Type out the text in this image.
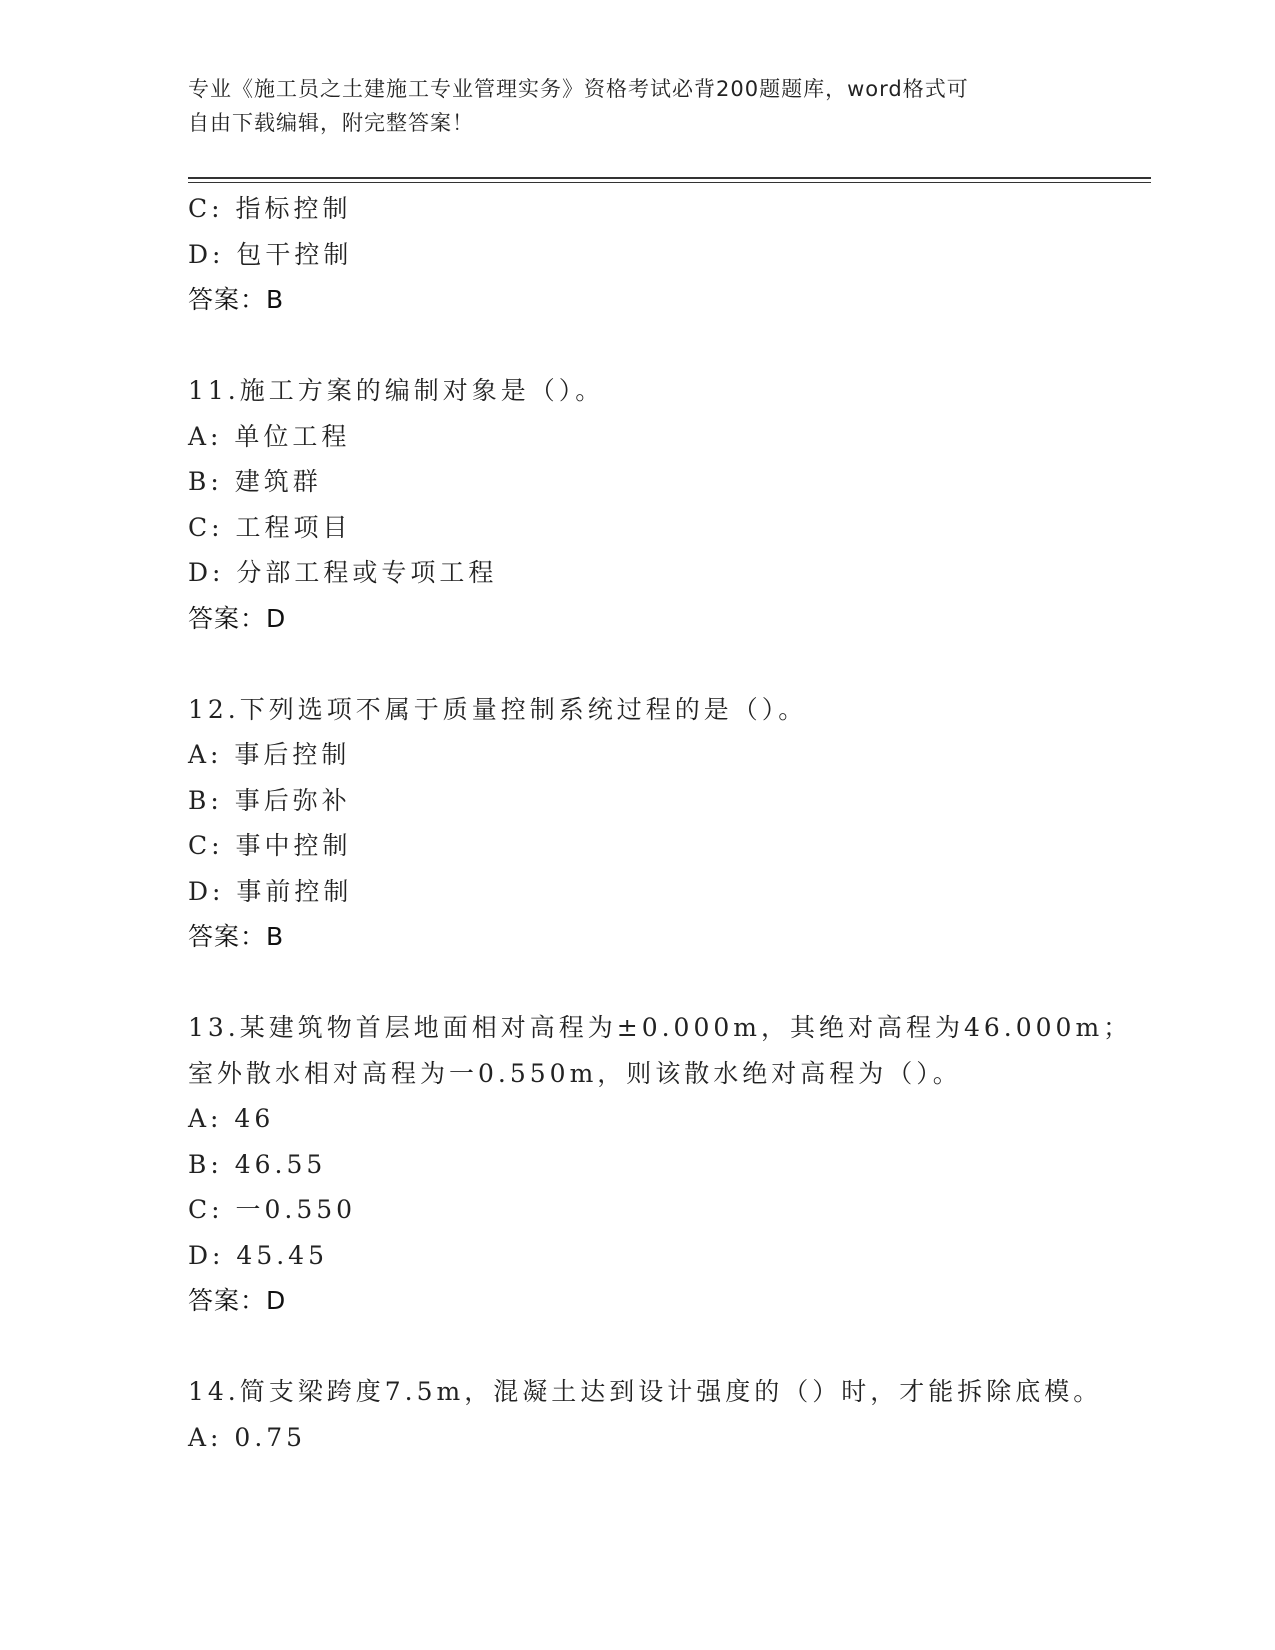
专业《施工员之土建施工专业管理实务》资格考试必背200题题库，word格式可
自由下载编辑，附完整答案！
C: 指标控制
D: 包干控制
答案：B
11.施工方案的编制对象是（）。
A: 单位工程
B: 建筑群
C: 工程项目
D: 分部工程或专项工程
答案：D
12.下列选项不属于质量控制系统过程的是（）。
A: 事后控制
B: 事后弥补
C: 事中控制
D: 事前控制
答案：B
13.某建筑物首层地面相对高程为±0.000m，其绝对高程为46.000m；
室外散水相对高程为一0.550m，则该散水绝对高程为（）。
A: 46
B: 46.55
C: 一0.550
D: 45.45
答案：D
14.简支梁跨度7.5m，混凝土达到设计强度的（）时，才能拆除底模。
A: 0.75
